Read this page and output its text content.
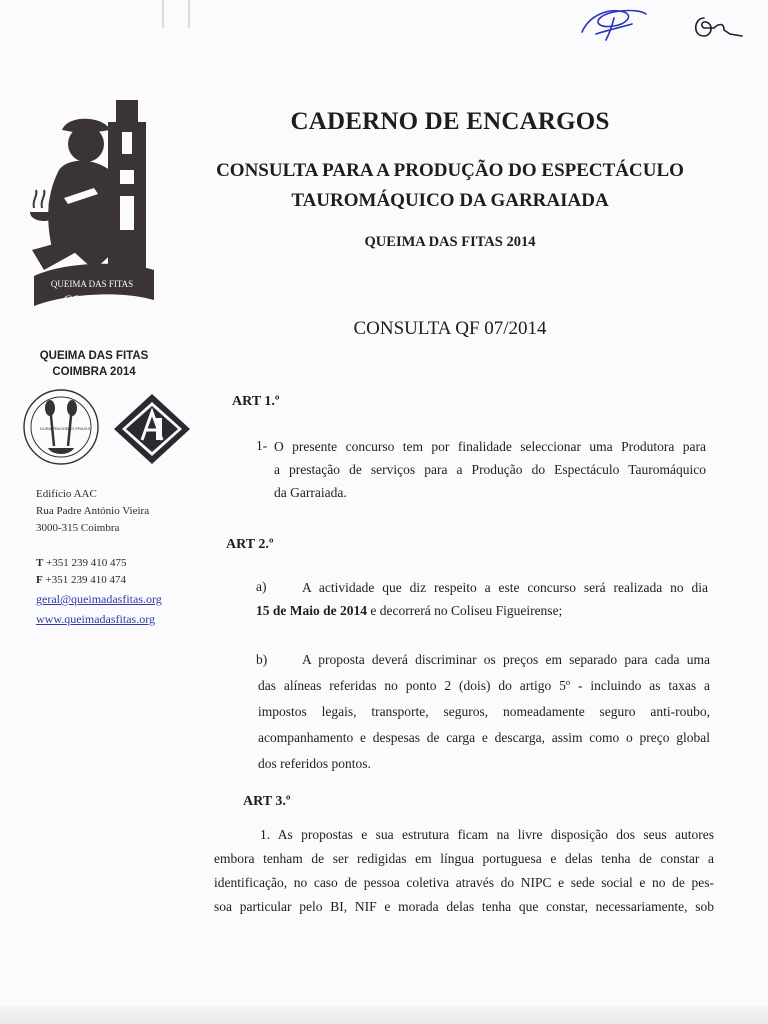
QUEIMA DAS FITAS
COIMBRA
QUEIMA DAS FITAS
COIMBRA 2014
DURA PRAXIS SED PRAXIS
Edifício AAC
Rua Padre António Vieira
3000-315 Coimbra
T +351 239 410 475
F +351 239 410 474
geral@queimadasfitas.org
www.queimadasfitas.org
CADERNO DE ENCARGOS
CONSULTA PARA A PRODUÇÃO DO ESPECTÁCULO
TAUROMÁQUICO DA GARRAIADA
QUEIMA DAS FITAS 2014
CONSULTA QF 07/2014
ART 1.º
1- O presente concurso tem por finalidade seleccionar uma Produtora para

a prestação de serviços para a Produção do Espectáculo Tauromáquico

da Garraiada.

ART 2.º
a)	A actividade que diz respeito a este concurso será realizada no dia

15 de Maio de 2014 e decorrerá no Coliseu Figueirense;

b)	A proposta deverá discriminar os preços em separado para cada uma

das alíneas referidas no ponto 2 (dois) do artigo 5º - incluindo as taxas a

impostos legais, transporte, seguros, nomeadamente seguro anti-roubo,

acompanhamento e despesas de carga e descarga, assim como o preço global

dos referidos pontos.

ART 3.º

1. As propostas e sua estrutura ficam na livre disposição dos seus autores

embora tenham de ser redigidas em língua portuguesa e delas tenha de constar a

identificação, no caso de pessoa coletiva através do NIPC e sede social e no de pes-

soa particular pelo BI, NIF e morada delas tenha que constar, necessariamente, sob
